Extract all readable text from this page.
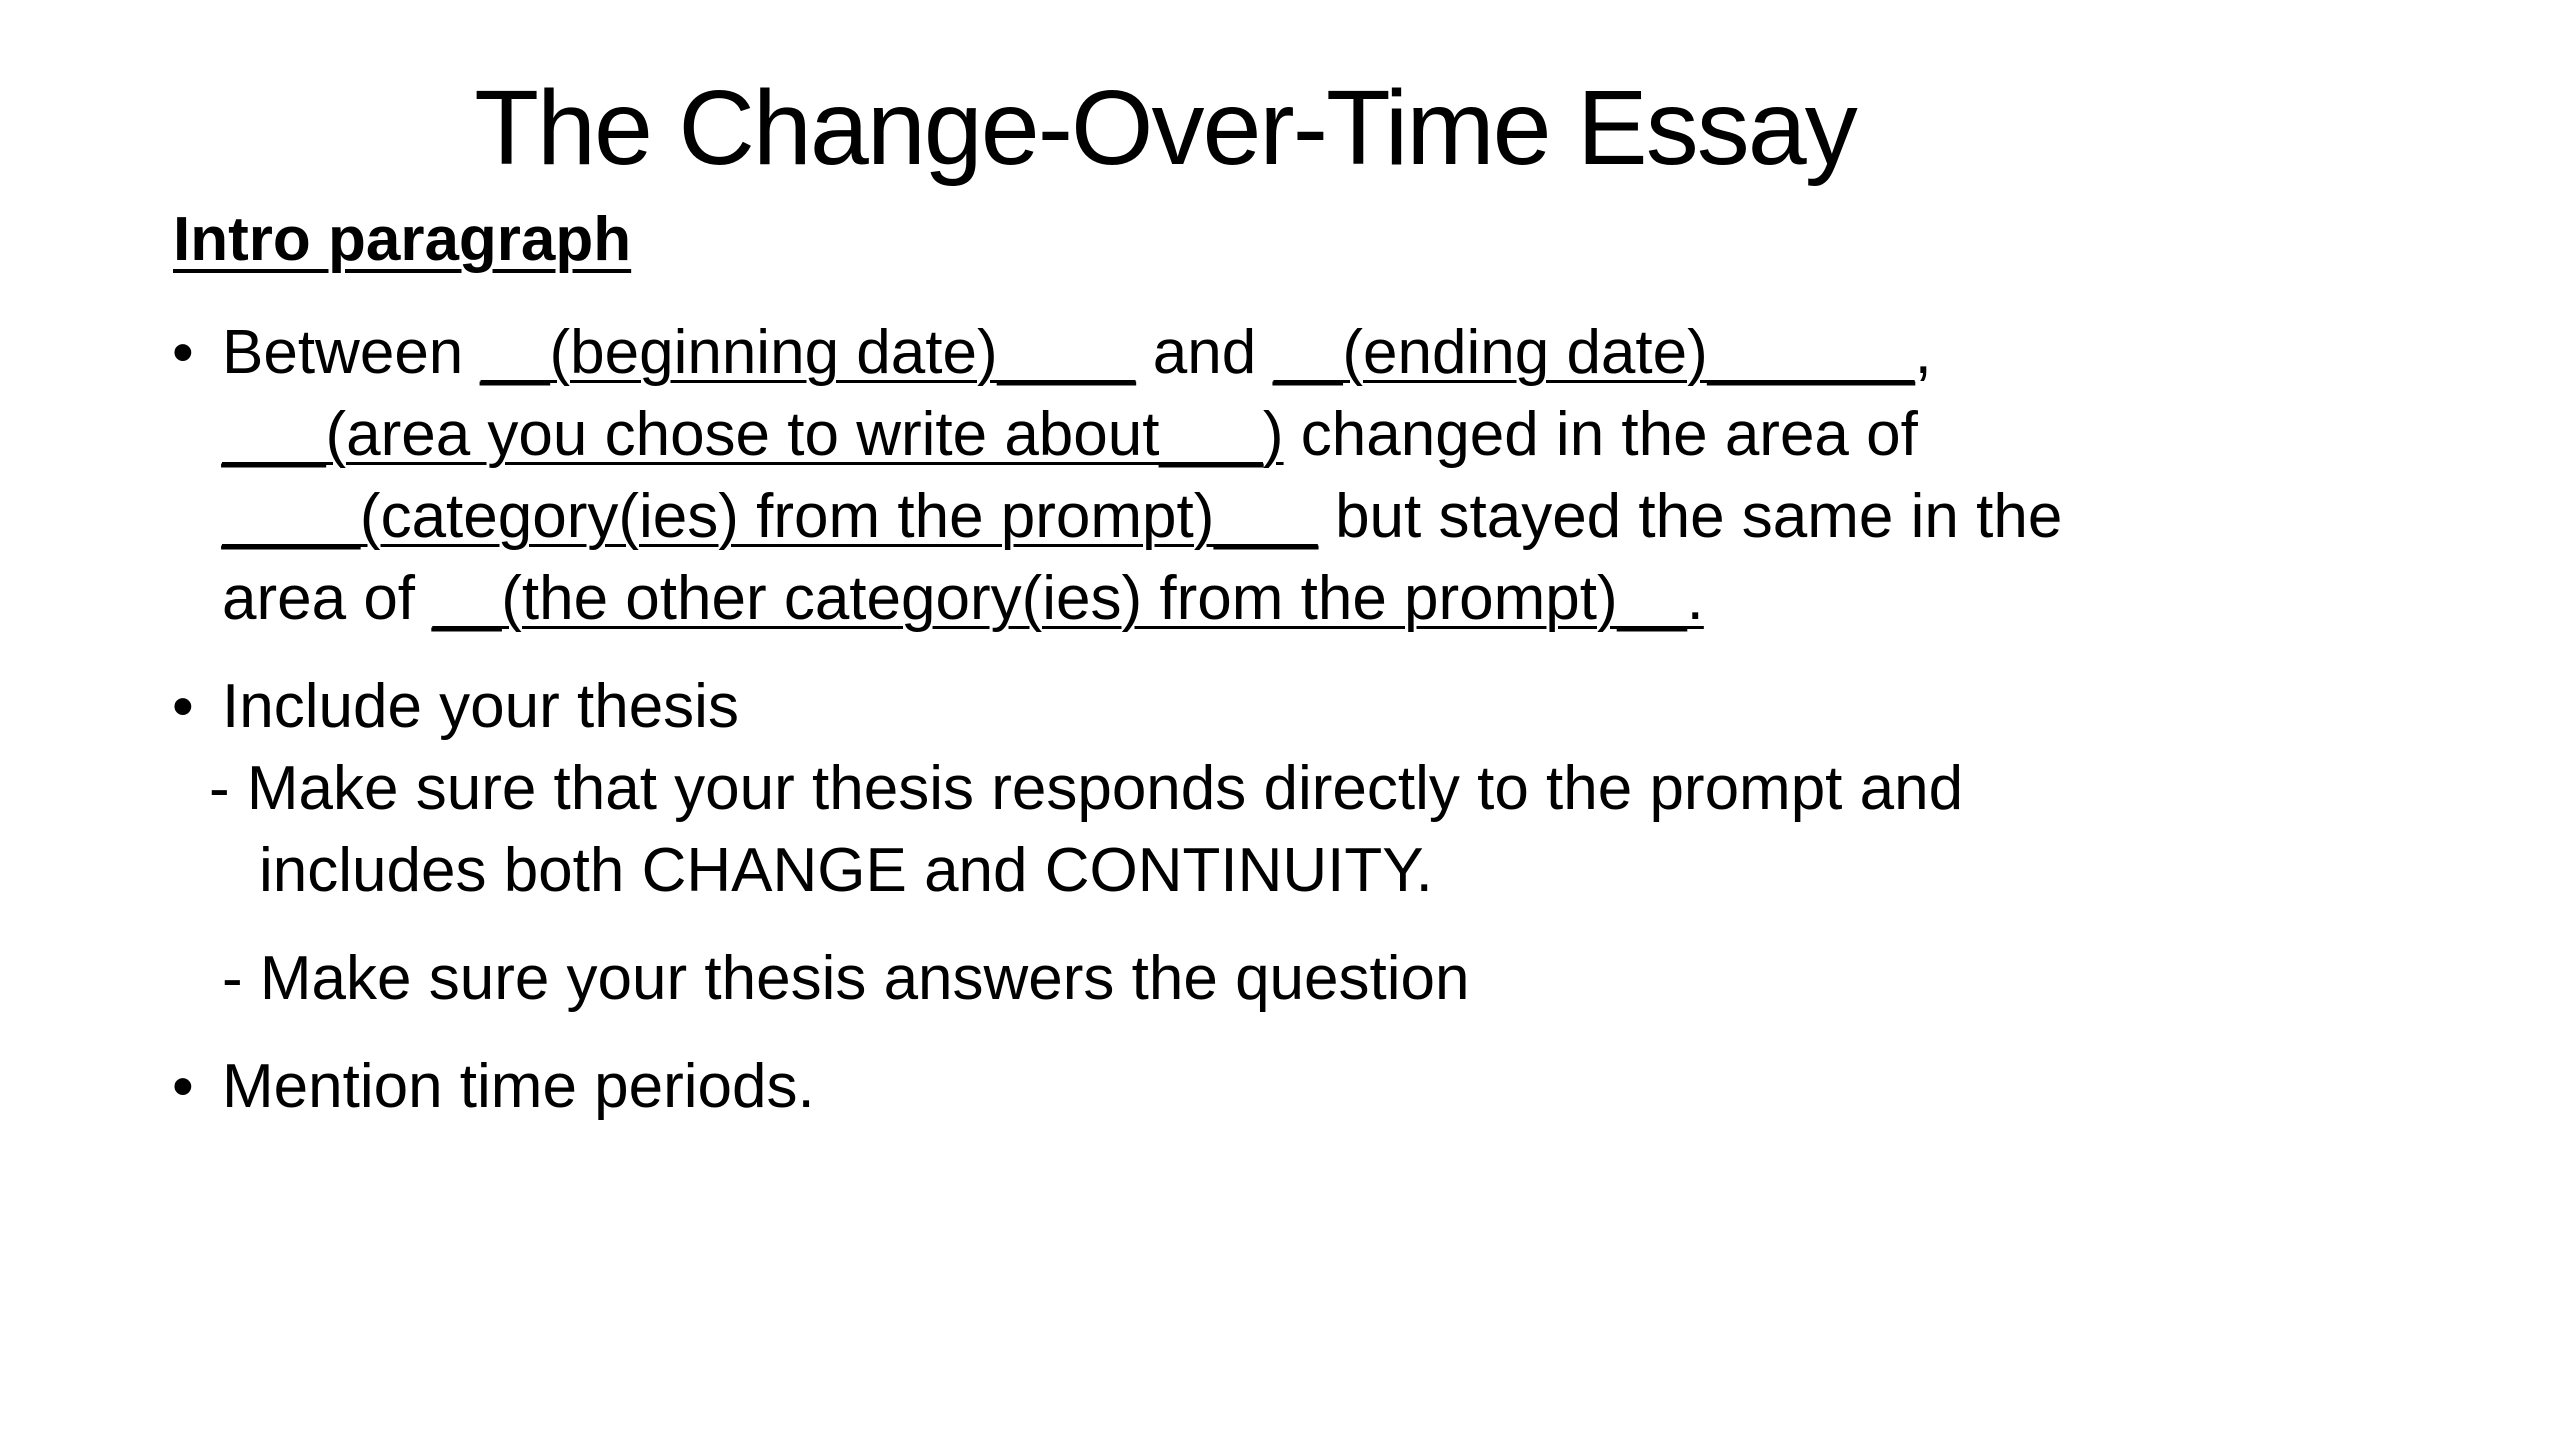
The Change-Over-Time Essay
Intro paragraph
• Between __(beginning date)____ and __(ending date)______, ___(area you chose to write about___) changed in the area of ____(category(ies) from the prompt)___ but stayed the same in the area of __(the other category(ies) from the prompt)__.
• Include your thesis
- Make sure that your thesis responds directly to the prompt and includes both CHANGE and CONTINUITY.
- Make sure your thesis answers the question
• Mention time periods.
